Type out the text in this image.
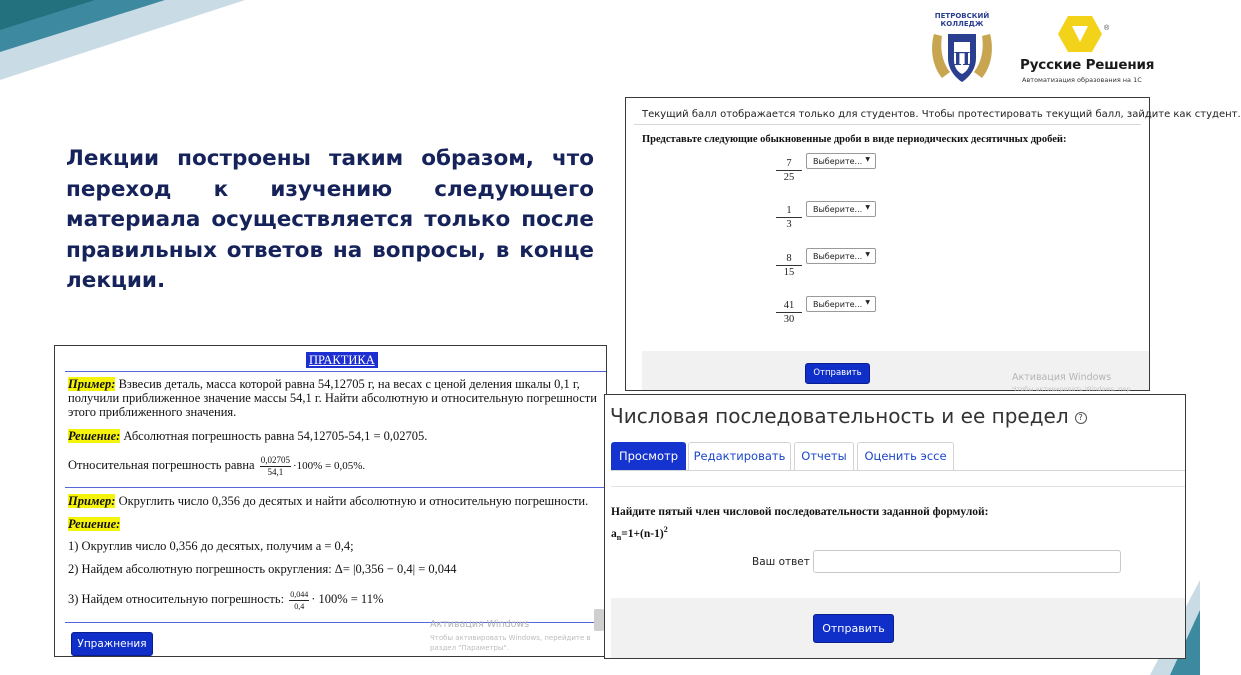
Лекции построены таким образом, что переход к изучению следующего материала осуществляется только после правильных ответов на вопросы, в конце лекции.
ПЕТРОВСКИЙ
КОЛЛЕДЖ
П
®
Русские Решения
Автоматизация образования на 1С
Текущий балл отображается только для студентов. Чтобы протестировать текущий балл, зайдите как студент.
Представьте следующие обыкновенные дроби в виде периодических десятичных дробей:
$\frac{7}{25}$	Выберите... ▼
$\frac{1}{3}$	Выберите... ▼
$\frac{8}{15}$	Выберите... ▼
$\frac{41}{30}$	Выберите... ▼
Отправить	Активация Windows
Чтобы активировать Windows, пер
ПРАКТИКА
Пример: Взвесив деталь, масса которой равна 54,12705 г, на весах с ценой деления шкалы 0,1 г,
получили приближенное значение массы 54,1 г. Найти абсолютную и относительную погрешности
этого приближенного значения.
Решение: Абсолютная погрешность равна 54,12705-54,1 = 0,02705.
Относительная погрешность равна $\frac{0,02705}{54,1} \cdot 100\% = 0,05\%$.
Пример: Округлить число 0,356 до десятых и найти абсолютную и относительную погрешности.
Решение:
1) Округлив число 0,356 до десятых, получим а = 0,4;
2) Найдем абсолютную погрешность округления: Δ= |0,356 − 0,4| = 0,044
3) Найдем относительную погрешность: $\frac{0,044}{0,4} \cdot 100\% = 11\%$
Активация Windows
Чтобы активировать Windows, перейдите в раздел "Параметры".
Упражнения
Числовая последовательность и ее предел ?
Просмотр	Редактировать	Отчеты	Оценить эссе
Найдите пятый член числовой последовательности заданной формулой:
$a_n=1+(n-1)^2$
Ваш ответ
Отправить
